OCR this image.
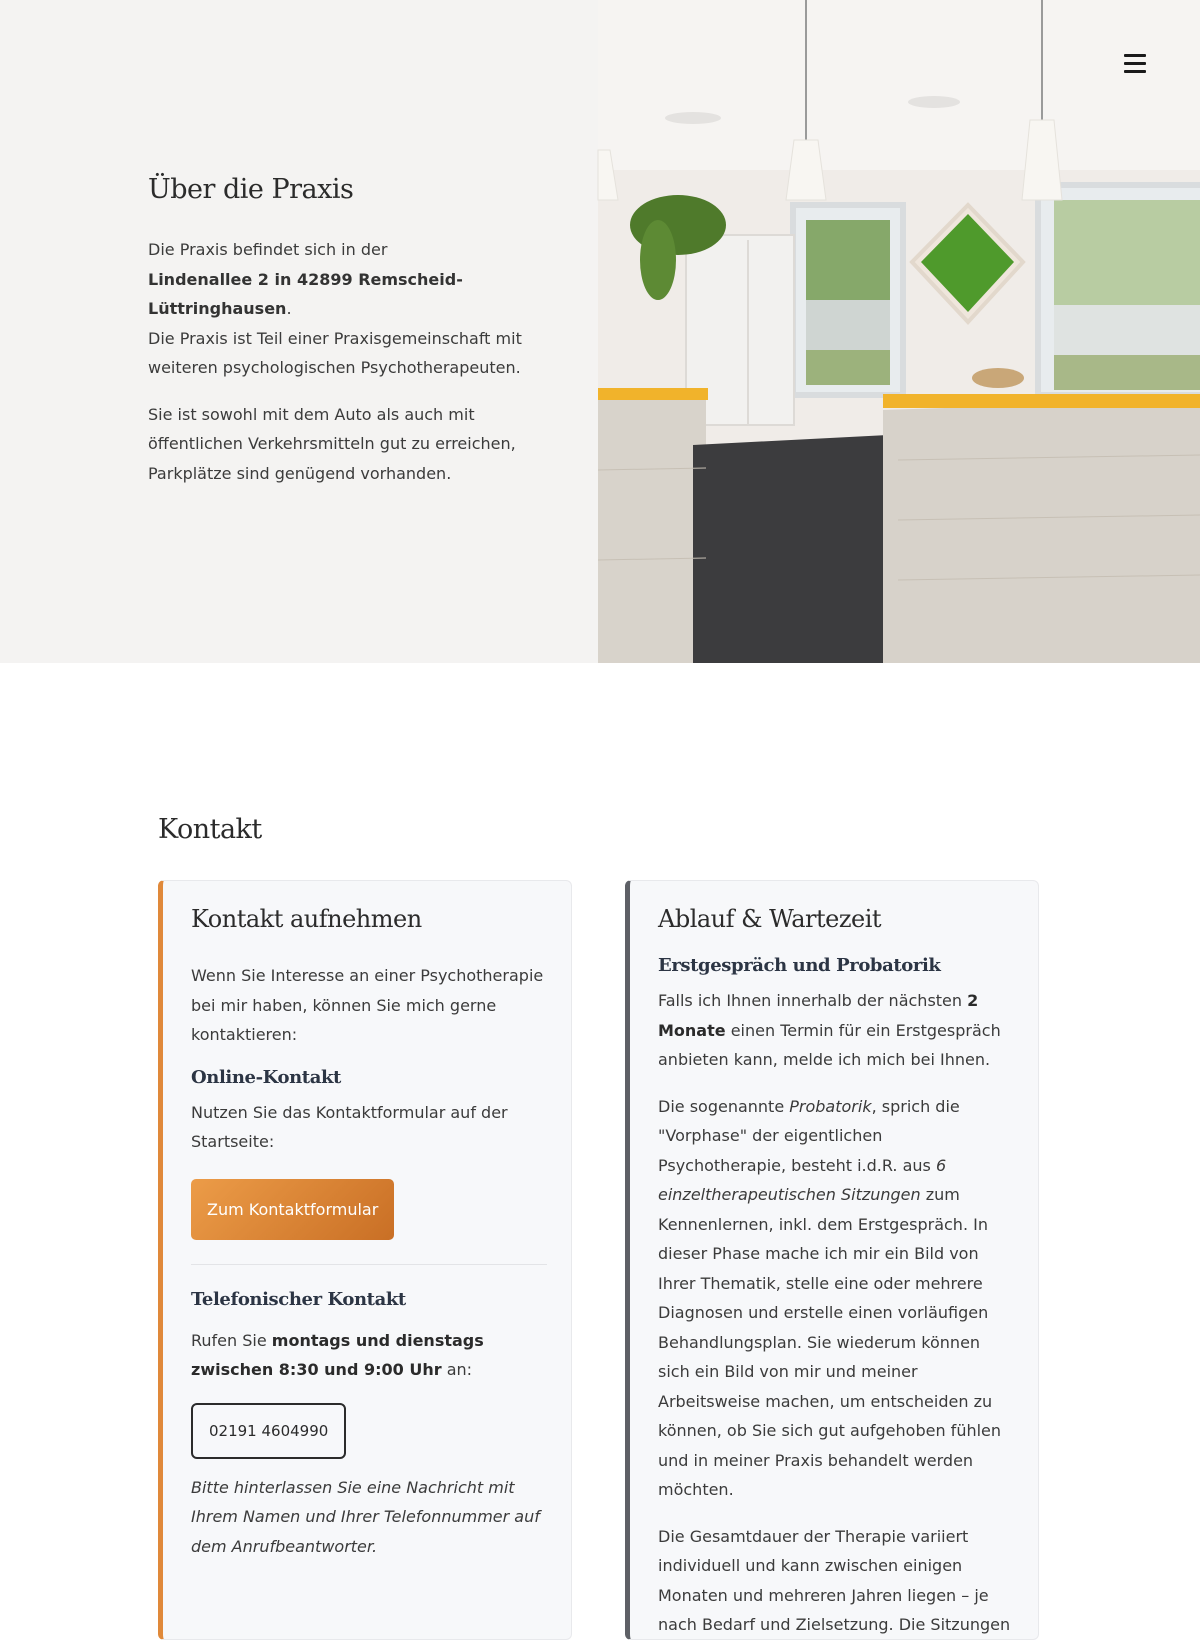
Über die Praxis

Die Praxis befindet sich in der
Lindenallee 2 in 42899 Remscheid-Lüttringhausen.
Die Praxis ist Teil einer Praxisgemeinschaft mit weiteren psychologischen Psychotherapeuten.

Sie ist sowohl mit dem Auto als auch mit öffentlichen Verkehrsmitteln gut zu erreichen, Parkplätze sind genügend vorhanden.

Kontakt
Kontakt aufnehmen

Wenn Sie Interesse an einer Psychotherapie bei mir haben, können Sie mich gerne kontaktieren:

Online-Kontakt

Nutzen Sie das Kontaktformular auf der Startseite:

Zum Kontaktformular
Telefonischer Kontakt

Rufen Sie montags und dienstags zwischen 8:30 und 9:00 Uhr an:

02191 4604990

Bitte hinterlassen Sie eine Nachricht mit Ihrem Namen und Ihrer Telefonnummer auf dem Anrufbeantworter.

Ablauf & Wartezeit
Erstgespräch und Probatorik

Falls ich Ihnen innerhalb der nächsten 2 Monate einen Termin für ein Erstgespräch anbieten kann, melde ich mich bei Ihnen.

Die sogenannte Probatorik, sprich die "Vorphase" der eigentlichen Psychotherapie, besteht i.d.R. aus 6 einzeltherapeutischen Sitzungen zum Kennenlernen, inkl. dem Erstgespräch. In dieser Phase mache ich mir ein Bild von Ihrer Thematik, stelle eine oder mehrere Diagnosen und erstelle einen vorläufigen Behandlungsplan. Sie wiederum können sich ein Bild von mir und meiner Arbeitsweise machen, um entscheiden zu können, ob Sie sich gut aufgehoben fühlen und in meiner Praxis behandelt werden möchten.

Die Gesamtdauer der Therapie variiert individuell und kann zwischen einigen Monaten und mehreren Jahren liegen – je nach Bedarf und Zielsetzung. Die Sitzungen
